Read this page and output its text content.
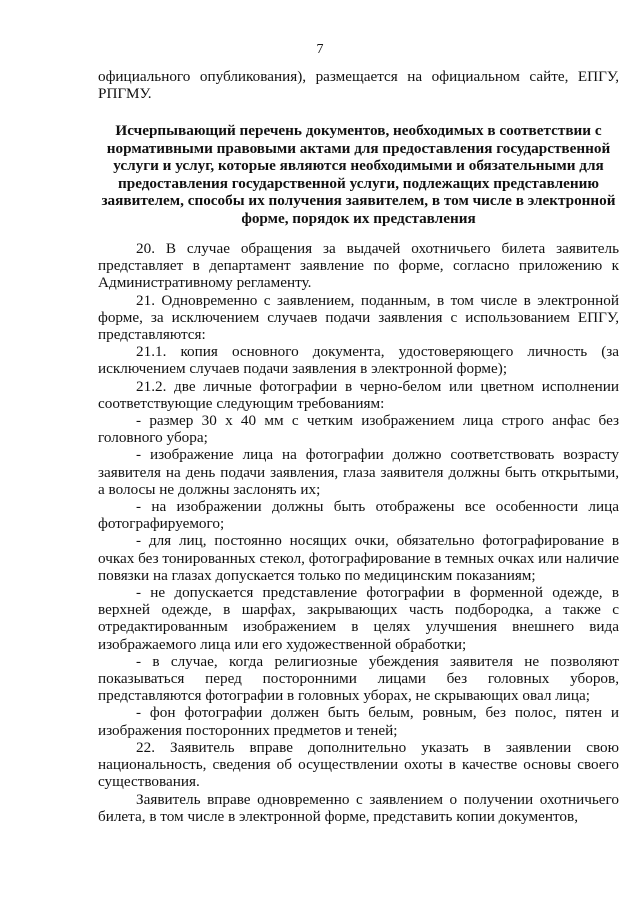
7

официального опубликования), размещается на официальном сайте, ЕПГУ, РПГМУ.

Исчерпывающий перечень документов, необходимых в соответствии с нормативными правовыми актами для предоставления государственной услуги и услуг, которые являются необходимыми и обязательными для предоставления государственной услуги, подлежащих представлению заявителем, способы их получения заявителем, в том числе в электронной форме, порядок их представления

20. В случае обращения за выдачей охотничьего билета заявитель представляет в департамент заявление по форме, согласно приложению к Административному регламенту.

21. Одновременно с заявлением, поданным, в том числе в электронной форме, за исключением случаев подачи заявления с использованием ЕПГУ, представляются:

21.1. копия основного документа, удостоверяющего личность (за исключением случаев подачи заявления в электронной форме);

21.2. две личные фотографии в черно-белом или цветном исполнении соответствующие следующим требованиям:

- размер 30 х 40 мм с четким изображением лица строго анфас без головного убора;

- изображение лица на фотографии должно соответствовать возрасту заявителя на день подачи заявления, глаза заявителя должны быть открытыми, а волосы не должны заслонять их;

- на изображении должны быть отображены все особенности лица фотографируемого;

- для лиц, постоянно носящих очки, обязательно фотографирование в очках без тонированных стекол, фотографирование в темных очках или наличие повязки на глазах допускается только по медицинским показаниям;

- не допускается представление фотографии в форменной одежде, в верхней одежде, в шарфах, закрывающих часть подбородка, а также с отредактированным изображением в целях улучшения внешнего вида изображаемого лица или его художественной обработки;

- в случае, когда религиозные убеждения заявителя не позволяют показываться перед посторонними лицами без головных уборов, представляются фотографии в головных уборах, не скрывающих овал лица;

- фон фотографии должен быть белым, ровным, без полос, пятен и изображения посторонних предметов и теней;

22. Заявитель вправе дополнительно указать в заявлении свою национальность, сведения об осуществлении охоты в качестве основы своего существования.

Заявитель вправе одновременно с заявлением о получении охотничьего билета, в том числе в электронной форме, представить копии документов,
